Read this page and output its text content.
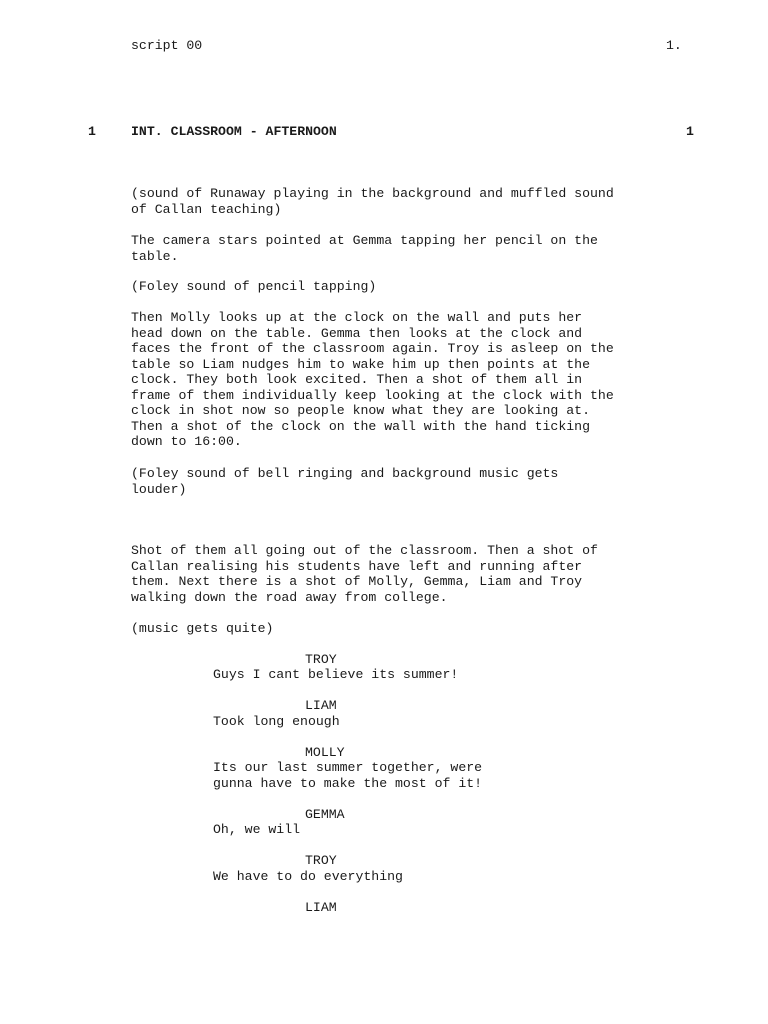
script 00	1.
1	INT. CLASSROOM - AFTERNOON	1

(sound of Runaway playing in the background and muffled sound
of Callan teaching)

The camera stars pointed at Gemma tapping her pencil on the
table.

(Foley sound of pencil tapping)

Then Molly looks up at the clock on the wall and puts her
head down on the table. Gemma then looks at the clock and
faces the front of the classroom again. Troy is asleep on the
table so Liam nudges him to wake him up then points at the
clock. They both look excited. Then a shot of them all in
frame of them individually keep looking at the clock with the
clock in shot now so people know what they are looking at.
Then a shot of the clock on the wall with the hand ticking
down to 16:00.

(Foley sound of bell ringing and background music gets
louder)

Shot of them all going out of the classroom. Then a shot of
Callan realising his students have left and running after
them. Next there is a shot of Molly, Gemma, Liam and Troy
walking down the road away from college.

(music gets quite)

TROY

Guys I cant believe its summer!

LIAM

Took long enough

MOLLY

Its our last summer together, were
gunna have to make the most of it!

GEMMA

Oh, we will

TROY

We have to do everything

LIAM
